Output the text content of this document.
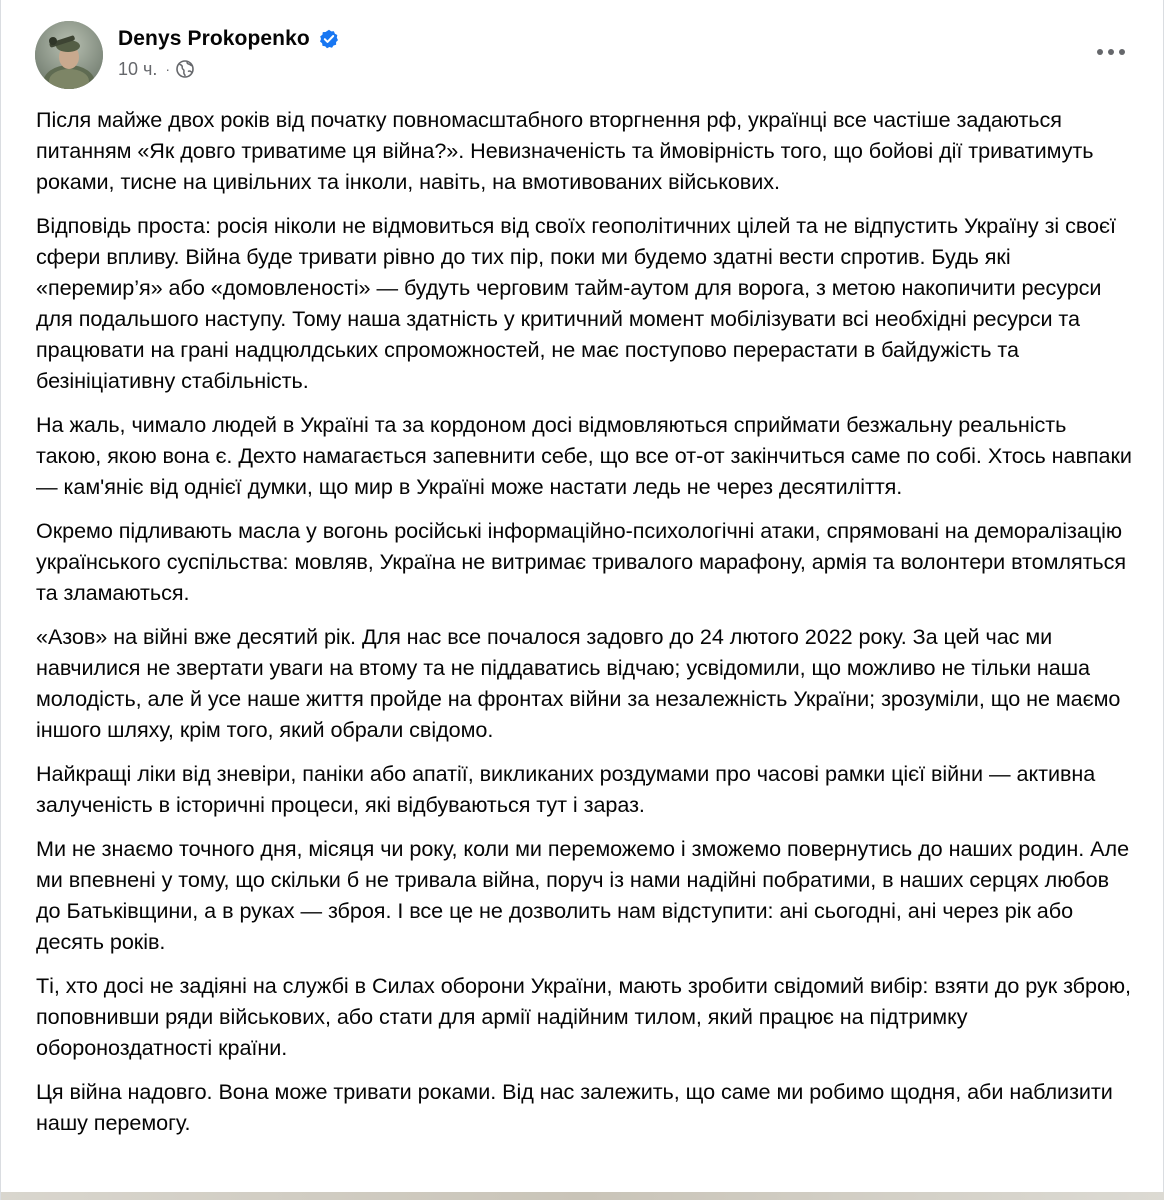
Denys Prokopenko
10 ч. ·

Після майже двох років від початку повномасштабного вторгнення рф, українці все частіше задаються питанням «Як довго триватиме ця війна?». Невизначеність та ймовірність того, що бойові дії триватимуть роками, тисне на цивільних та інколи, навіть, на вмотивованих військових.

Відповідь проста: росія ніколи не відмовиться від своїх геополітичних цілей та не відпустить Україну зі своєї сфери впливу. Війна буде тривати рівно до тих пір, поки ми будемо здатні вести спротив. Будь які «перемир’я» або «домовленості» — будуть черговим тайм-аутом для ворога, з метою накопичити ресурси для подальшого наступу. Тому наша здатність у критичний момент мобілізувати всі необхідні ресурси та працювати на грані надцюлдських спроможностей, не має поступово перерастати в байдужість та безініціативну стабільність.

На жаль, чимало людей в Україні та за кордоном досі відмовляються сприймати безжальну реальність такою, якою вона є. Дехто намагається запевнити себе, що все от-от закінчиться саме по собі. Хтось навпаки — кам'яніє від однієї думки, що мир в Україні може настати ледь не через десятиліття.

Окремо підливають масла у вогонь російські інформаційно-психологічні атаки, спрямовані на деморалізацію українського суспільства: мовляв, Україна не витримає тривалого марафону, армія та волонтери втомляться та зламаються.

«Азов» на війні вже десятий рік. Для нас все почалося задовго до 24 лютого 2022 року. За цей час ми навчилися не звертати уваги на втому та не піддаватись відчаю; усвідомили, що можливо не тільки наша молодість, але й усе наше життя пройде на фронтах війни за незалежність України; зрозуміли, що не маємо іншого шляху, крім того, який обрали свідомо.

Найкращі ліки від зневіри, паніки або апатії, викликаних роздумами про часові рамки цієї війни — активна залученість в історичні процеси, які відбуваються тут і зараз.

Ми не знаємо точного дня, місяця чи року, коли ми переможемо і зможемо повернутись до наших родин. Але ми впевнені у тому, що скільки б не тривала війна, поруч із нами надійні побратими, в наших серцях любов до Батьківщини, а в руках — зброя. І все це не дозволить нам відступити: ані сьогодні, ані через рік або десять років.

Ті, хто досі не задіяні на службі в Силах оборони України, мають зробити свідомий вибір: взяти до рук зброю, поповнивши ряди військових, або стати для армії надійним тилом, який працює на підтримку обороноздатності країни.

Ця війна надовго. Вона може тривати роками. Від нас залежить, що саме ми робимо щодня, аби наблизити нашу перемогу.
